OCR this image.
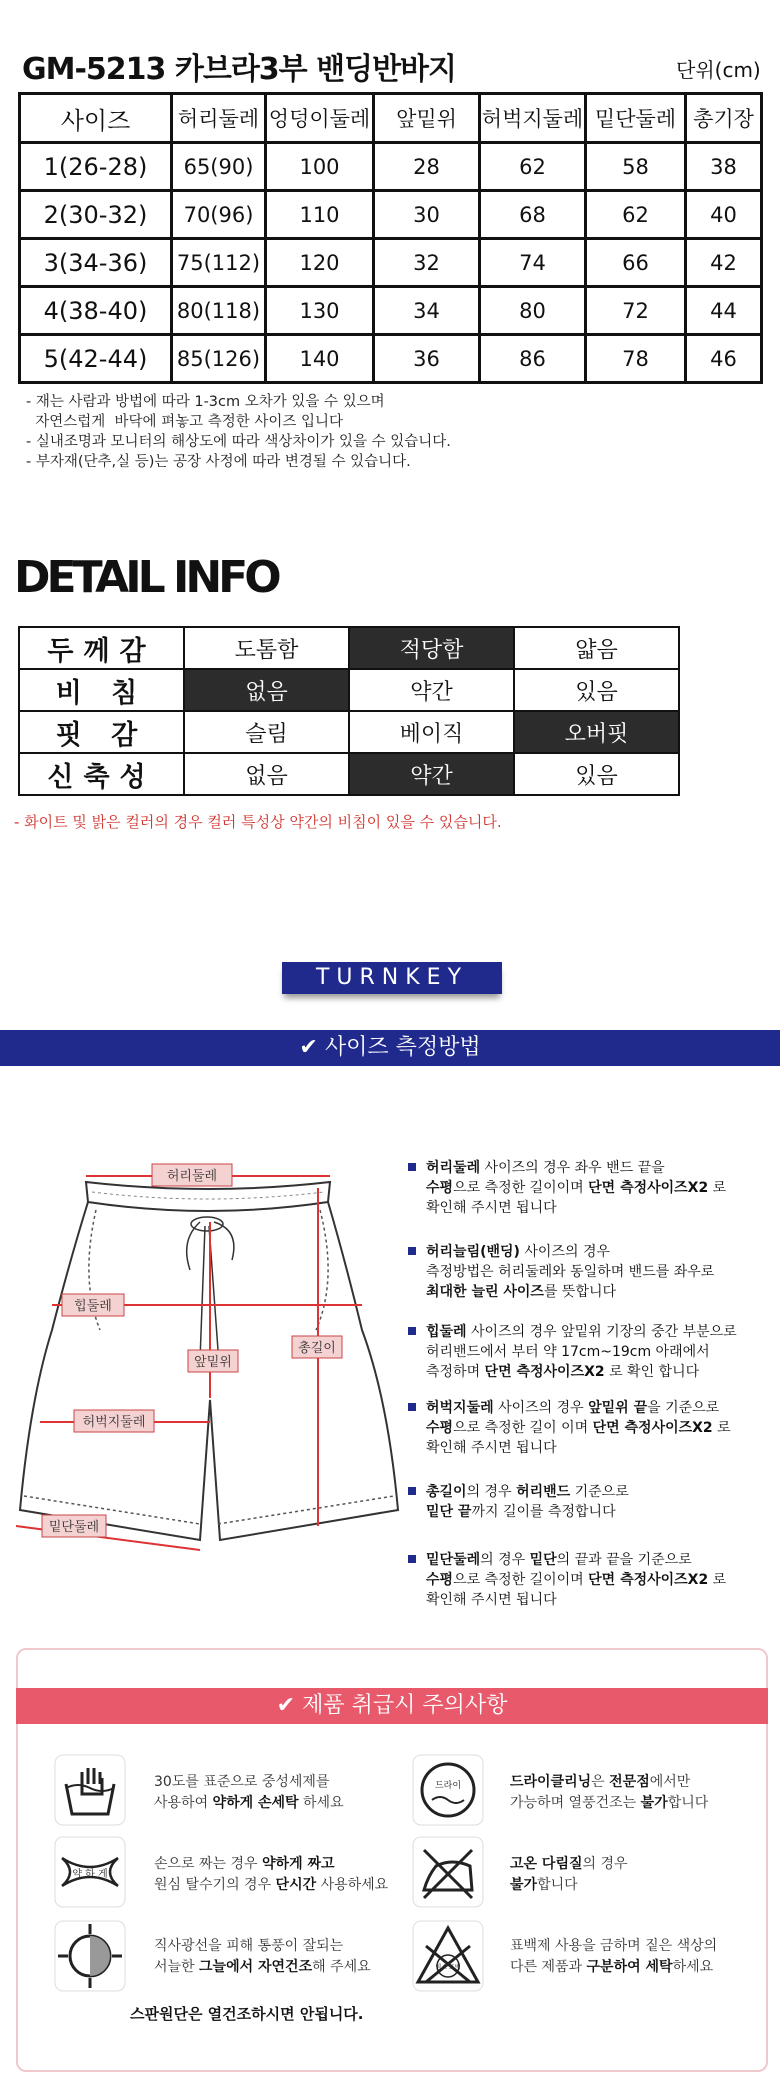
GM-5213 카브라3부 밴딩반바지	단위(cm)
사이즈	허리둘레	엉덩이둘레	앞밑위	허벅지둘레	밑단둘레	총기장
1(26-28)	65(90)	100	28	62	58	38
2(30-32)	70(96)	110	30	68	62	40
3(34-36)	75(112)	120	32	74	66	42
4(38-40)	80(118)	130	34	80	72	44
5(42-44)	85(126)	140	36	86	78	46
- 재는 사람과 방법에 따라 1-3cm 오차가 있을 수 있으며
자연스럽게  바닥에 펴놓고 측정한 사이즈 입니다
- 실내조명과 모니터의 해상도에 따라 색상차이가 있을 수 있습니다.
- 부자재(단추,실 등)는 공장 사정에 따라 변경될 수 있습니다.
DETAIL INFO
두께감	도톰함	적당함	얇음
비 침	없음	약간	있음
핏 감	슬림	베이직	오버핏
신축성	없음	약간	있음
- 화이트 및 밝은 컬러의 경우 컬러 특성상 약간의 비침이 있을 수 있습니다.
TURNKEY
✔ 사이즈 측정방법
허리둘레
힙둘레
앞밑위
총길이
허벅지둘레
밑단둘레
허리둘레 사이즈의 경우 좌우 밴드 끝을
수평으로 측정한 길이이며 단면 측정사이즈X2 로
확인해 주시면 됩니다
허리늘림(밴딩) 사이즈의 경우
측정방법은 허리둘레와 동일하며 밴드를 좌우로
최대한 늘린 사이즈를 뜻합니다
힙둘레 사이즈의 경우 앞밑위 기장의 중간 부분으로
허리밴드에서 부터 약 17cm~19cm 아래에서
측정하며 단면 측정사이즈X2 로 확인 합니다
허벅지둘레 사이즈의 경우 앞밑위 끝을 기준으로
수평으로 측정한 길이 이며 단면 측정사이즈X2 로
확인해 주시면 됩니다
총길이의 경우 허리밴드 기준으로
밑단 끝까지 길이를 측정합니다
밑단둘레의 경우 밑단의 끝과 끝을 기준으로
수평으로 측정한 길이이며 단면 측정사이즈X2 로
확인해 주시면 됩니다
✔ 제품 취급시 주의사항
드라이
약 하 게
염소 표백
30도를 표준으로 중성세제를
사용하여 약하게 손세탁 하세요
드라이클리닝은 전문점에서만
가능하며 열풍건조는 불가합니다
손으로 짜는 경우 약하게 짜고
원심 탈수기의 경우 단시간 사용하세요
고온 다림질의 경우
불가합니다
직사광선을 피해 통풍이 잘되는
서늘한 그늘에서 자연건조해 주세요
표백제 사용을 금하며 짙은 색상의
다른 제품과 구분하여 세탁하세요
스판원단은 열건조하시면 안됩니다.
